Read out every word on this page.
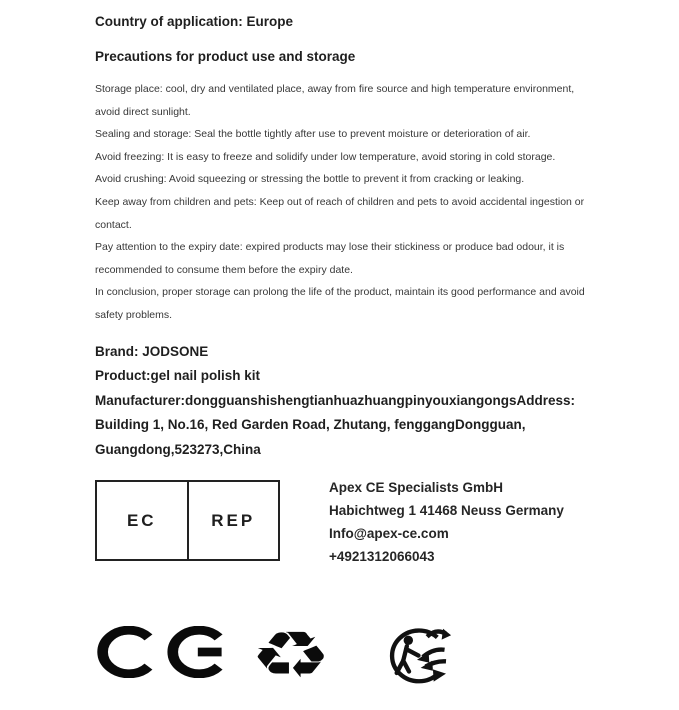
Country of application: Europe
Precautions for product use and storage
Storage place: cool, dry and ventilated place, away from fire source and high temperature environment,
avoid direct sunlight.
Sealing and storage: Seal the bottle tightly after use to prevent moisture or deterioration of air.
Avoid freezing: It is easy to freeze and solidify under low temperature, avoid storing in cold storage.
Avoid crushing: Avoid squeezing or stressing the bottle to prevent it from cracking or leaking.
Keep away from children and pets: Keep out of reach of children and pets to avoid accidental ingestion or
contact.
Pay attention to the expiry date: expired products may lose their stickiness or produce bad odour, it is
recommended to consume them before the expiry date.
In conclusion, proper storage can prolong the life of the product, maintain its good performance and avoid
safety problems.
Brand: JODSONE
Product:gel nail polish kit
Manufacturer:dongguanshishengtianhuazhuangpinyouxiangongsAddress:
Building 1, No.16, Red Garden Road, Zhutang, fenggangDongguan,
Guangdong,523273,China
EC	REP
Apex CE Specialists GmbH
Habichtweg 1 41468 Neuss Germany
Info@apex-ce.com
+4921312066043
♻
